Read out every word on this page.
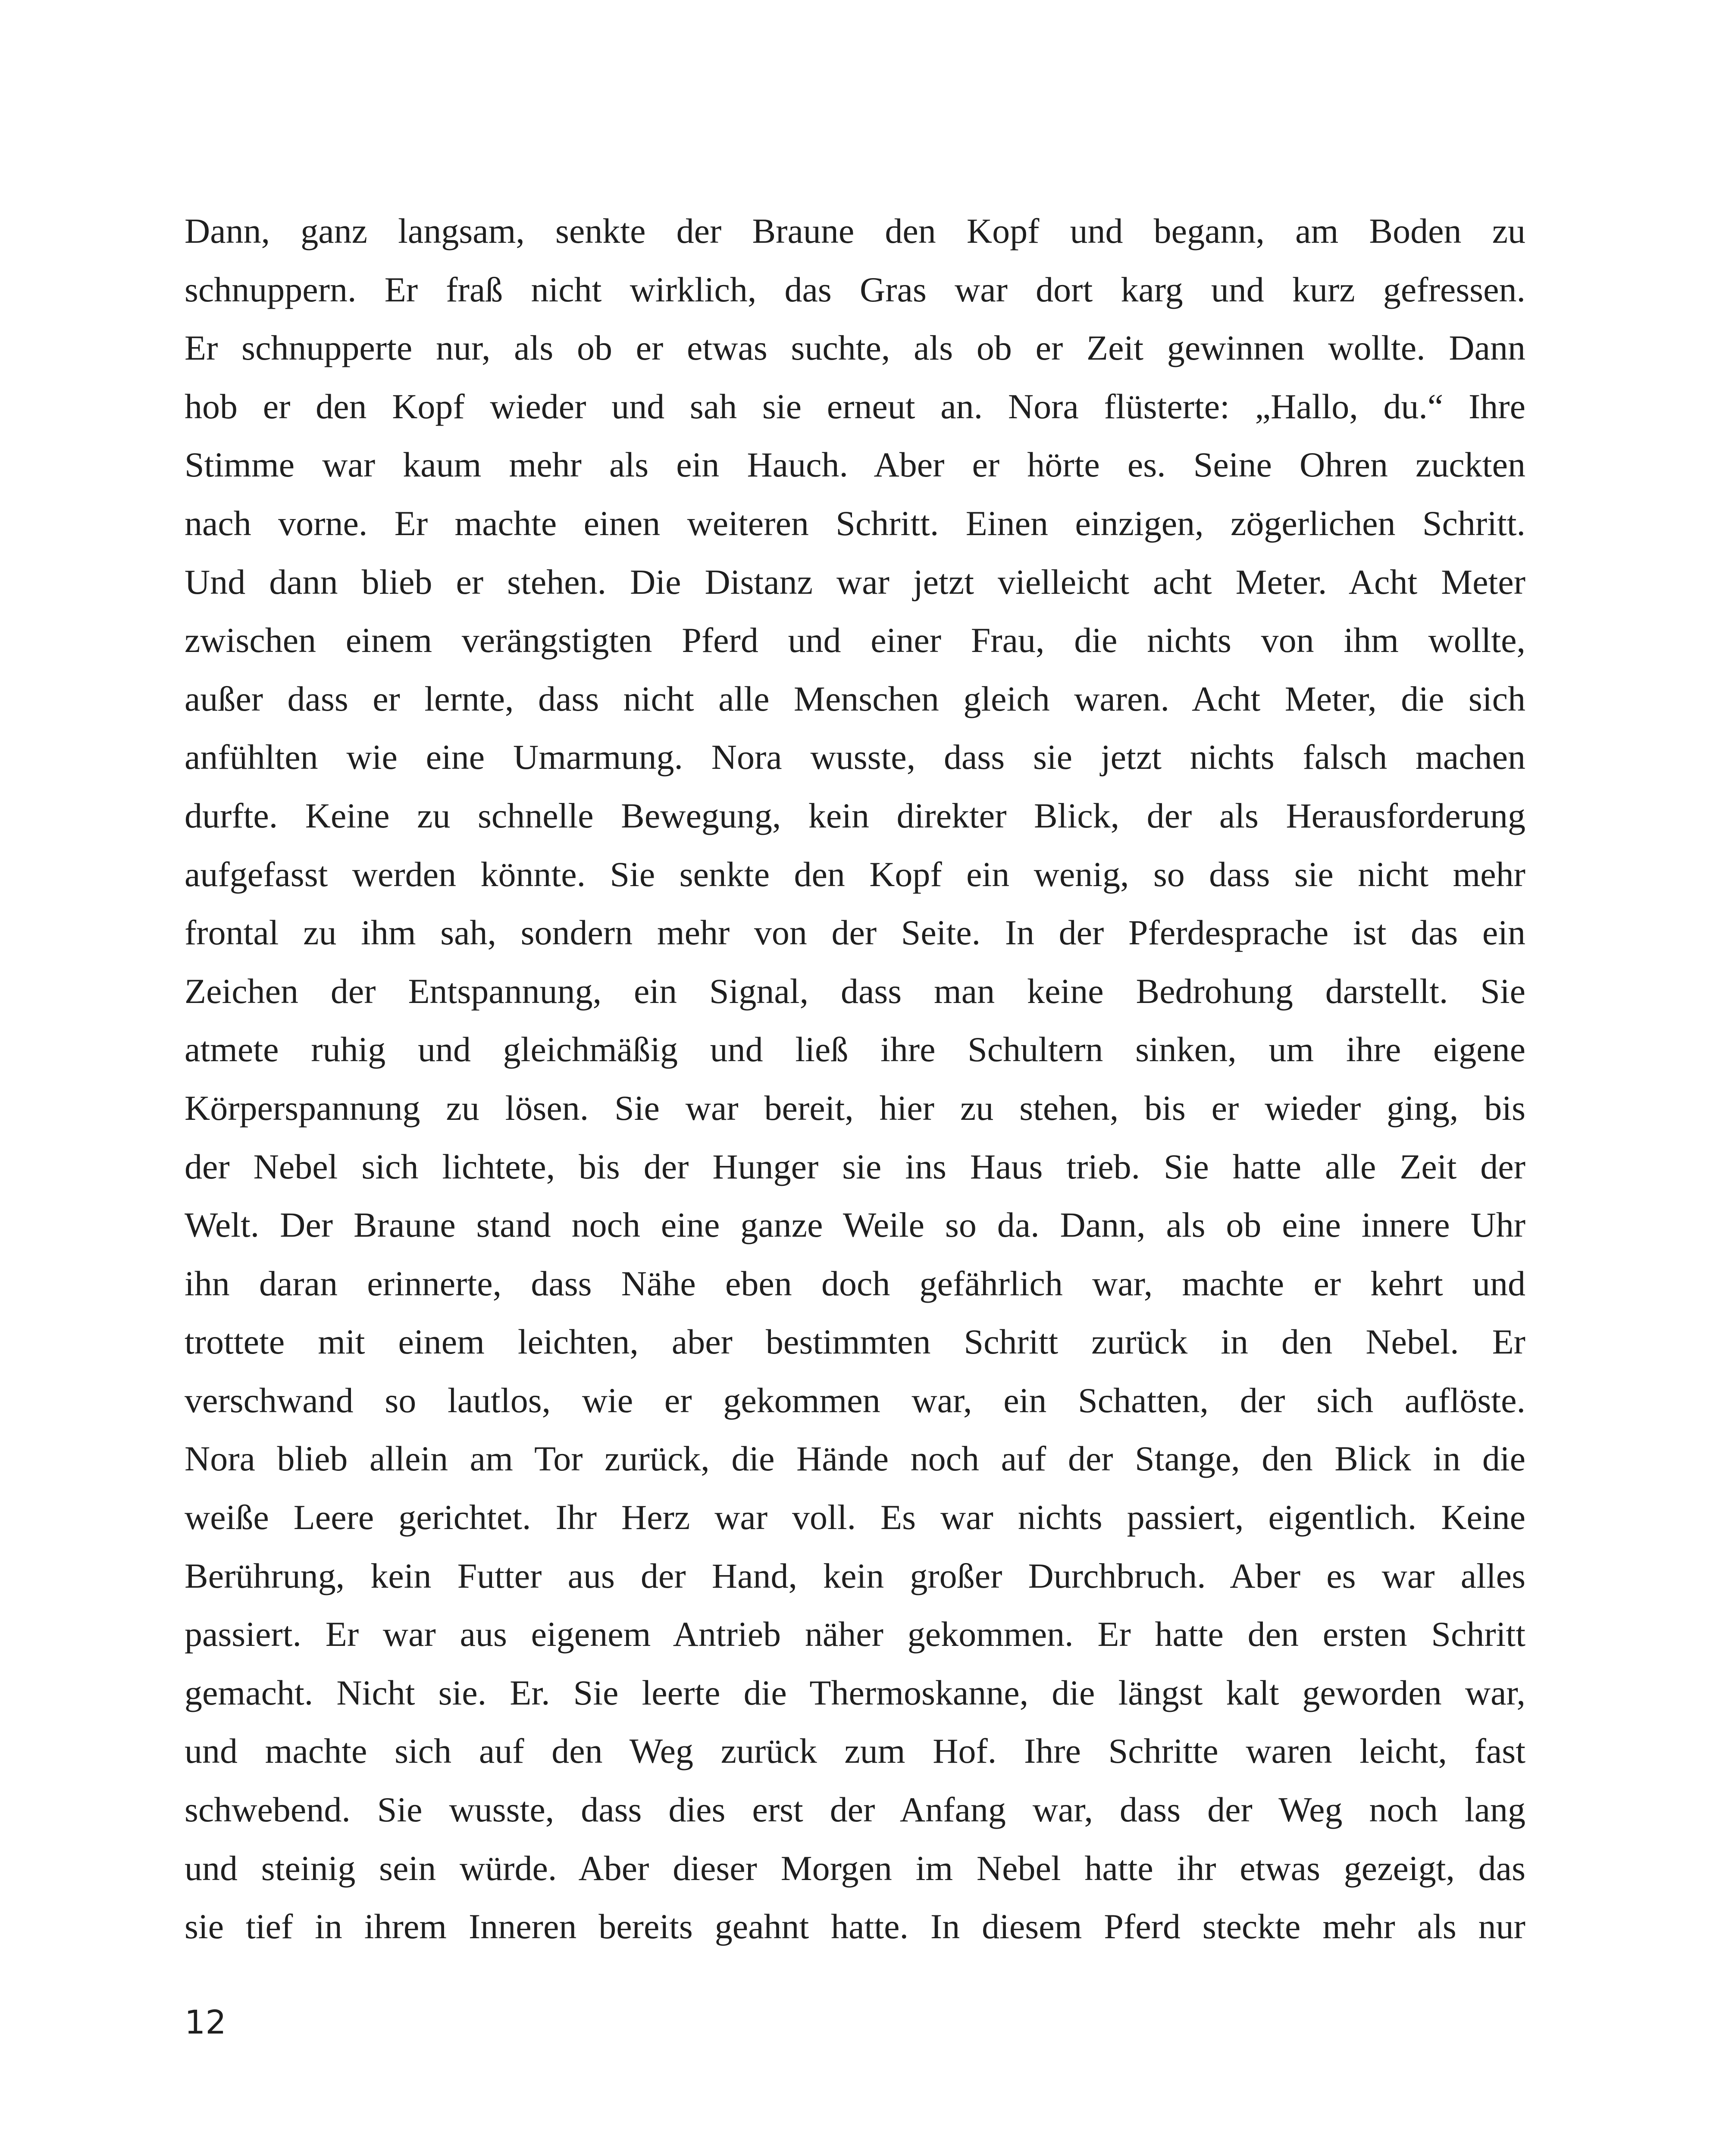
Dann, ganz langsam, senkte der Braune den Kopf und begann, am Boden zu
schnuppern. Er fraß nicht wirklich, das Gras war dort karg und kurz gefressen.
Er schnupperte nur, als ob er etwas suchte, als ob er Zeit gewinnen wollte. Dann
hob er den Kopf wieder und sah sie erneut an. Nora flüsterte: „Hallo, du.“ Ihre
Stimme war kaum mehr als ein Hauch. Aber er hörte es. Seine Ohren zuckten
nach vorne. Er machte einen weiteren Schritt. Einen einzigen, zögerlichen Schritt.
Und dann blieb er stehen. Die Distanz war jetzt vielleicht acht Meter. Acht Meter
zwischen einem verängstigten Pferd und einer Frau, die nichts von ihm wollte,
außer dass er lernte, dass nicht alle Menschen gleich waren. Acht Meter, die sich
anfühlten wie eine Umarmung. Nora wusste, dass sie jetzt nichts falsch machen
durfte. Keine zu schnelle Bewegung, kein direkter Blick, der als Herausforderung
aufgefasst werden könnte. Sie senkte den Kopf ein wenig, so dass sie nicht mehr
frontal zu ihm sah, sondern mehr von der Seite. In der Pferdesprache ist das ein
Zeichen der Entspannung, ein Signal, dass man keine Bedrohung darstellt. Sie
atmete ruhig und gleichmäßig und ließ ihre Schultern sinken, um ihre eigene
Körperspannung zu lösen. Sie war bereit, hier zu stehen, bis er wieder ging, bis
der Nebel sich lichtete, bis der Hunger sie ins Haus trieb. Sie hatte alle Zeit der
Welt. Der Braune stand noch eine ganze Weile so da. Dann, als ob eine innere Uhr
ihn daran erinnerte, dass Nähe eben doch gefährlich war, machte er kehrt und
trottete mit einem leichten, aber bestimmten Schritt zurück in den Nebel. Er
verschwand so lautlos, wie er gekommen war, ein Schatten, der sich auflöste.
Nora blieb allein am Tor zurück, die Hände noch auf der Stange, den Blick in die
weiße Leere gerichtet. Ihr Herz war voll. Es war nichts passiert, eigentlich. Keine
Berührung, kein Futter aus der Hand, kein großer Durchbruch. Aber es war alles
passiert. Er war aus eigenem Antrieb näher gekommen. Er hatte den ersten Schritt
gemacht. Nicht sie. Er. Sie leerte die Thermoskanne, die längst kalt geworden war,
und machte sich auf den Weg zurück zum Hof. Ihre Schritte waren leicht, fast
schwebend. Sie wusste, dass dies erst der Anfang war, dass der Weg noch lang
und steinig sein würde. Aber dieser Morgen im Nebel hatte ihr etwas gezeigt, das
sie tief in ihrem Inneren bereits geahnt hatte. In diesem Pferd steckte mehr als nur
12
